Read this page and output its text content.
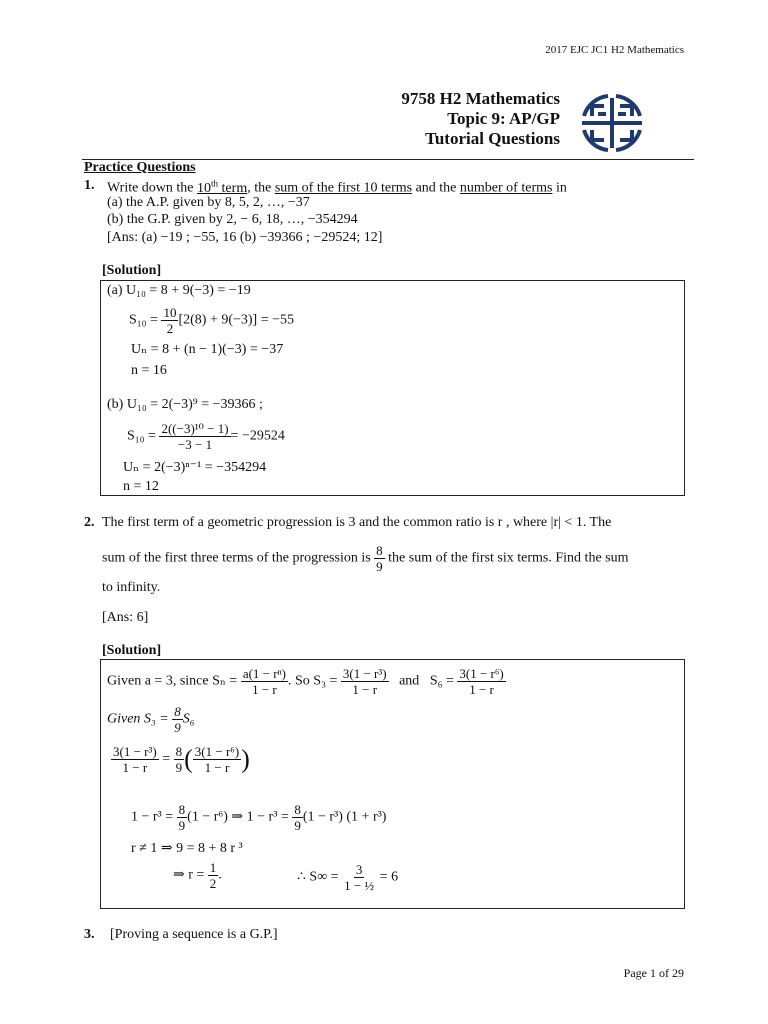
2017 EJC JC1 H2 Mathematics
9758 H2 Mathematics
Topic 9: AP/GP
Tutorial Questions
Practice Questions
1. Write down the 10th term, the sum of the first 10 terms and the number of terms in
(a) the A.P. given by 8, 5, 2, …, −37
(b) the G.P. given by 2, − 6, 18, …, −354294
[Ans: (a) −19 ; −55, 16 (b) −39366 ; −29524; 12]
[Solution]
(a) U₁₀ = 8 + 9(−3) = −19
$S_{10} = \frac{10}{2} [2(8) + 9(-3)] = -55$
Uₙ = 8 + (n − 1)(−3) = −37
n = 16
(b) U₁₀ = 2(−3)⁹ = −39366 ;
$S_{10} = \frac{\text{2((−3)¹⁰ − 1)}}{-3 - 1} = -29524$
Uₙ = 2(−3)ⁿ⁻¹ = −354294
n = 12
2. The first term of a geometric progression is 3 and the common ratio is r , where |r| < 1. The
sum of the first three terms of the progression is $\frac{8}{9}$ the sum of the first six terms. Find the sum
to infinity.
[Ans: 6]
[Solution]
Given a = 3, since $S_n = \frac{\text{a(1 − rⁿ)}}{1 - r}$ . So $S_3 = \frac{\text{3(1 − r³)}}{1 - r}$ and $S_6 = \frac{\text{3(1 − r⁶)}}{1 - r}$
Given $S_3 = \frac{8}{9} S_6$
$\frac{\text{3(1 − r³)}}{1 - r} = \frac{8}{9}$ ( $\frac{\text{3(1 − r⁶)}}{1 - r}$ )
$1 - r^3 = \frac{8}{9} (1 - r^6)$ ⇒ $1 - r^3 = \frac{8}{9} (1 - r^3) (1 + r^3)$
r ≠ 1 ⇒ 9 = 8 + 8 r ³
⇒ $r = \frac{1}{2}$ .	∴ $S\infty = \frac{3}{\text{1 − ½}} = 6$
3. [Proving a sequence is a G.P.]
Page 1 of 29
